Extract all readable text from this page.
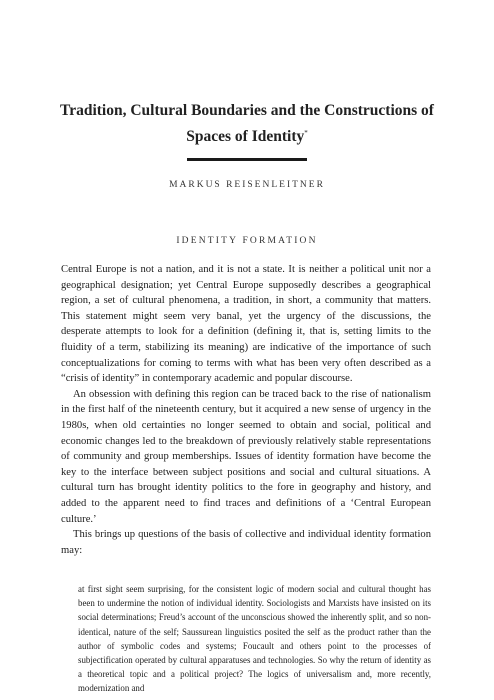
Tradition, Cultural Boundaries and the Constructions of Spaces of Identity*
MARKUS REISENLEITNER
IDENTITY FORMATION

Central Europe is not a nation, and it is not a state. It is neither a political unit nor a geographical designation; yet Central Europe supposedly describes a geographical region, a set of cultural phenomena, a tradition, in short, a community that matters. This statement might seem very banal, yet the urgency of the discussions, the desperate attempts to look for a definition (defining it, that is, setting limits to the fluidity of a term, stabilizing its meaning) are indicative of the importance of such conceptualizations for coming to terms with what has been very often described as a “crisis of identity” in contemporary academic and popular discourse.

An obsession with defining this region can be traced back to the rise of nationalism in the first half of the nineteenth century, but it acquired a new sense of urgency in the 1980s, when old certainties no longer seemed to obtain and social, political and economic changes led to the breakdown of previously relatively stable representations of community and group memberships. Issues of identity formation have become the key to the interface between subject positions and social and cultural situations. A cultural turn has brought identity politics to the fore in geography and history, and added to the apparent need to find traces and definitions of a ‘Central European culture.’

This brings up questions of the basis of collective and individual identity formation may:

at first sight seem surprising, for the consistent logic of modern social and cultural thought has been to undermine the notion of individual identity. Sociologists and Marxists have insisted on its social determinations; Freud’s account of the unconscious showed the inherently split, and so non-identical, nature of the self; Saussurean linguistics posited the self as the product rather than the author of symbolic codes and systems; Foucault and others point to the processes of subjectification operated by cultural apparatuses and technologies. So why the return of identity as a theoretical topic and a political project? The logics of universalism and, more recently, modernization and
